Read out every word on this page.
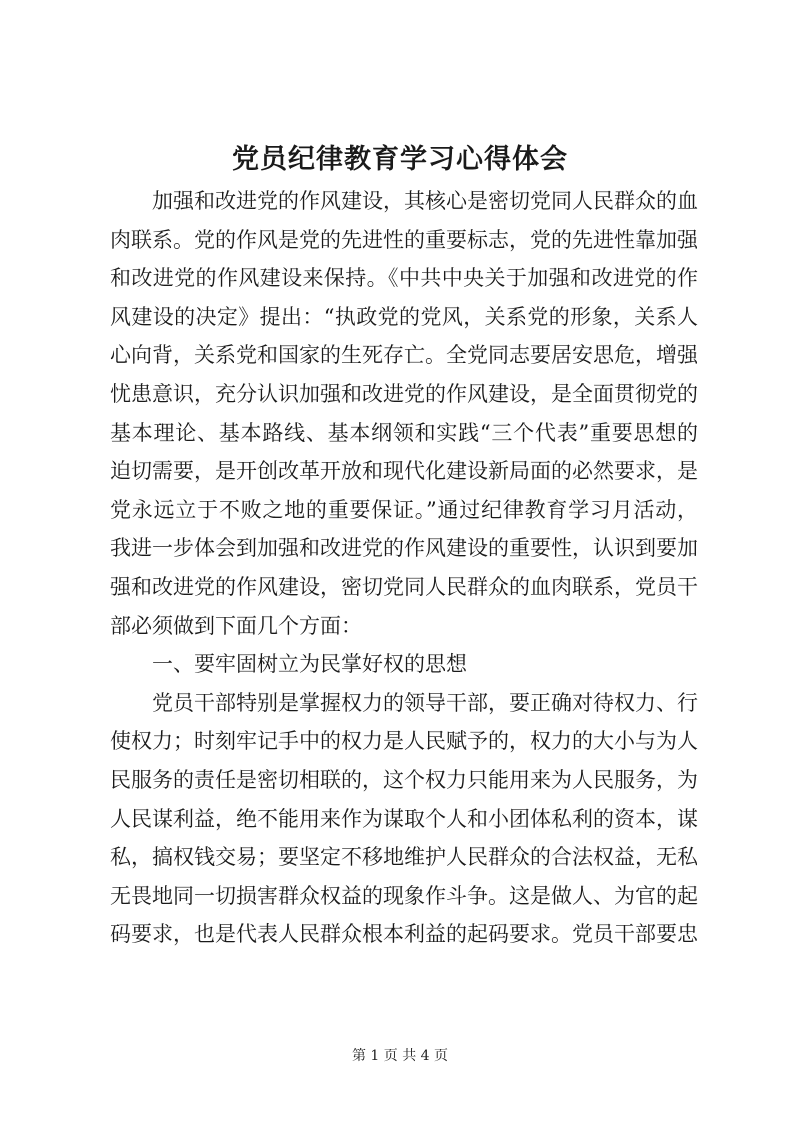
党员纪律教育学习心得体会

加强和改进党的作风建设，其核心是密切党同人民群众的血肉联系。党的作风是党的先进性的重要标志，党的先进性靠加强和改进党的作风建设来保持。《中共中央关于加强和改进党的作风建设的决定》提出：“执政党的党风，关系党的形象，关系人心向背，关系党和国家的生死存亡。全党同志要居安思危，增强忧患意识，充分认识加强和改进党的作风建设，是全面贯彻党的基本理论、基本路线、基本纲领和实践“三个代表”重要思想的迫切需要，是开创改革开放和现代化建设新局面的必然要求，是党永远立于不败之地的重要保证。”通过纪律教育学习月活动，我进一步体会到加强和改进党的作风建设的重要性，认识到要加强和改进党的作风建设，密切党同人民群众的血肉联系，党员干部必须做到下面几个方面：

一、要牢固树立为民掌好权的思想

党员干部特别是掌握权力的领导干部，要正确对待权力、行使权力；时刻牢记手中的权力是人民赋予的，权力的大小与为人民服务的责任是密切相联的，这个权力只能用来为人民服务，为人民谋利益，绝不能用来作为谋取个人和小团体私利的资本，谋私，搞权钱交易；要坚定不移地维护人民群众的合法权益，无私无畏地同一切损害群众权益的现象作斗争。这是做人、为官的起码要求，也是代表人民群众根本利益的起码要求。党员干部要忠

第 1 页 共 4 页
